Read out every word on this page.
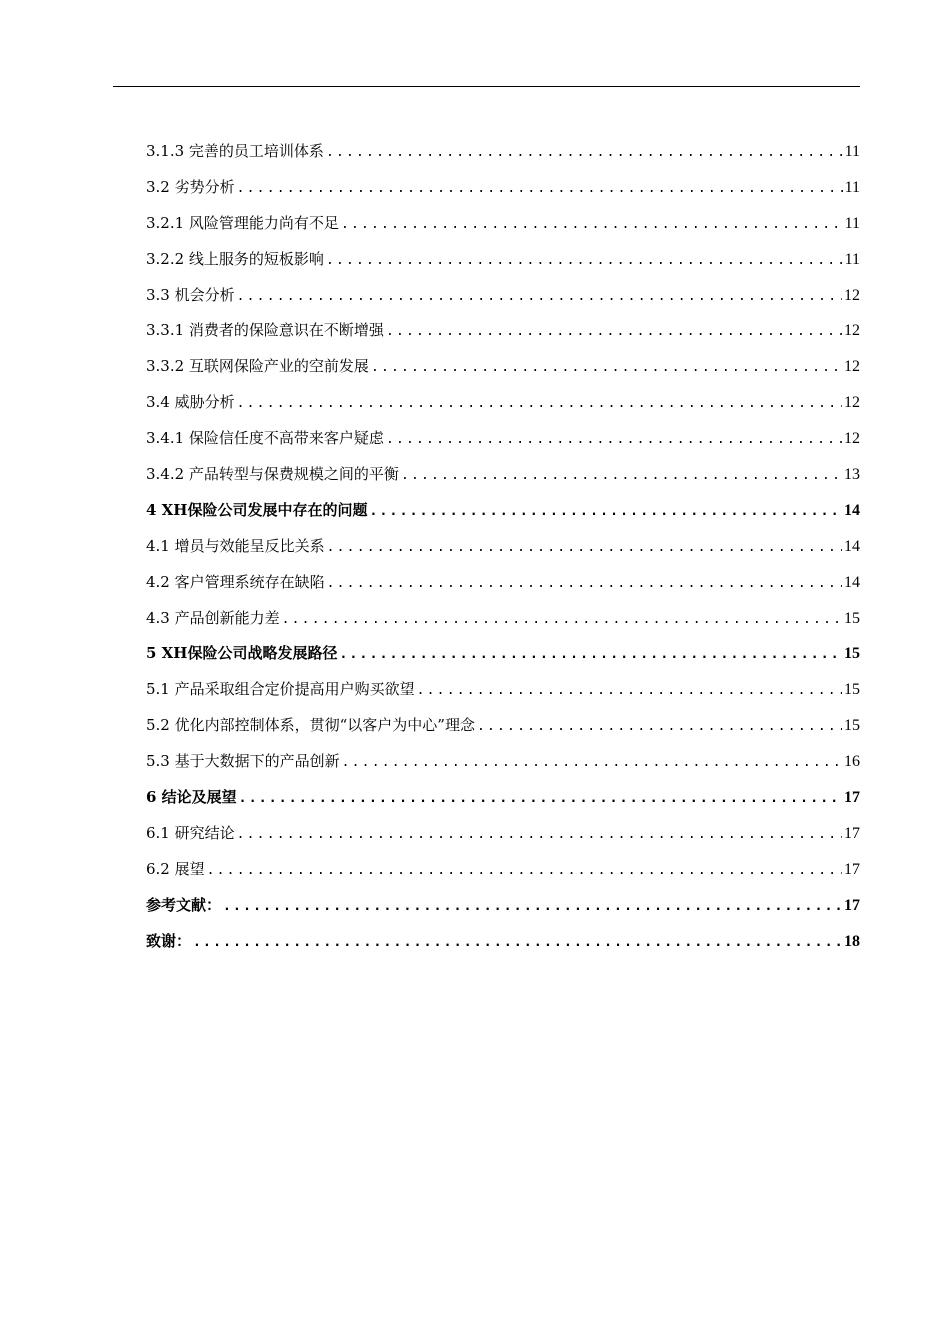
3.1.3 完善的员工培训体系 .....	11
3.2 劣势分析 .....	11
3.2.1 风险管理能力尚有不足 .....	11
3.2.2 线上服务的短板影响 .....	11
3.3 机会分析 .....	12
3.3.1 消费者的保险意识在不断增强 .....	12
3.3.2 互联网保险产业的空前发展 .....	12
3.4 威胁分析 .....	12
3.4.1 保险信任度不高带来客户疑虑 .....	12
3.4.2 产品转型与保费规模之间的平衡 .....	13
4 XH保险公司发展中存在的问题 .....	14
4.1 增员与效能呈反比关系 .....	14
4.2 客户管理系统存在缺陷 .....	14
4.3 产品创新能力差 .....	15
5 XH保险公司战略发展路径 .....	15
5.1 产品采取组合定价提高用户购买欲望 .....	15
5.2 优化内部控制体系，贯彻“以客户为中心”理念 .....	15
5.3 基于大数据下的产品创新 .....	16
6 结论及展望 .....	17
6.1 研究结论 .....	17
6.2 展望 .....	17
参考文献： .....	17
致谢： .....	18
